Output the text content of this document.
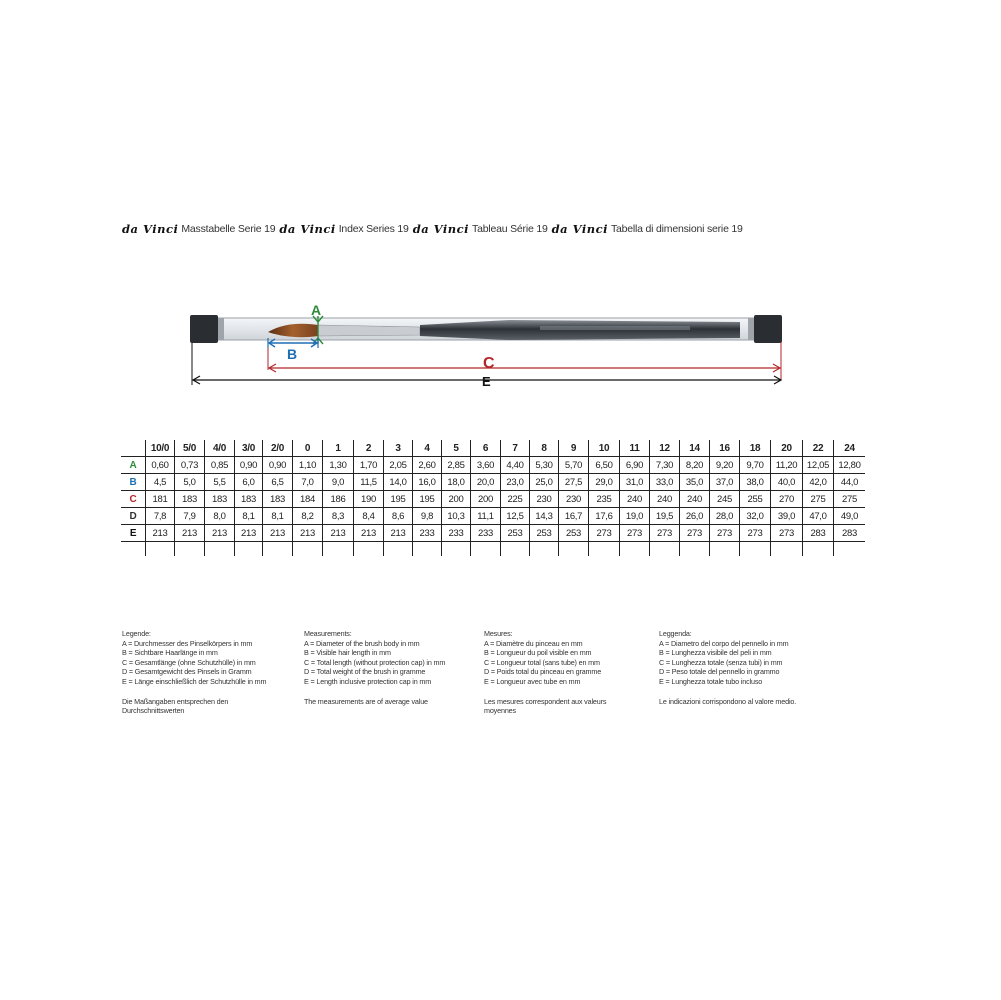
da Vinci Masstabelle Serie 19 da Vinci Index Series 19 da Vinci Tableau Série 19 da Vinci Tabella di dimensioni serie 19
A
B
C
E
	10/0	5/0	4/0	3/0	2/0	0	1	2	3	4	5	6	7	8	9	10	11	12	14	16	18	20	22	24
A	0,60	0,73	0,85	0,90	0,90	1,10	1,30	1,70	2,05	2,60	2,85	3,60	4,40	5,30	5,70	6,50	6,90	7,30	8,20	9,20	9,70	11,20	12,05	12,80
B	4,5	5,0	5,5	6,0	6,5	7,0	9,0	11,5	14,0	16,0	18,0	20,0	23,0	25,0	27,5	29,0	31,0	33,0	35,0	37,0	38,0	40,0	42,0	44,0
C	181	183	183	183	183	184	186	190	195	195	200	200	225	230	230	235	240	240	240	245	255	270	275	275
D	7,8	7,9	8,0	8,1	8,1	8,2	8,3	8,4	8,6	9,8	10,3	11,1	12,5	14,3	16,7	17,6	19,0	19,5	26,0	28,0	32,0	39,0	47,0	49,0
E	213	213	213	213	213	213	213	213	213	233	233	233	253	253	253	273	273	273	273	273	273	273	283	283

Legende:

A = Durchmesser des Pinselkörpers in mm

B = Sichtbare Haarlänge in mm

C = Gesamtlänge (ohne Schutzhülle) in mm

D = Gesamtgewicht des Pinsels in Gramm

E = Länge einschließlich der Schutzhülle in mm

Die Maßangaben entsprechen den

Durchschnittswerten

Measurements:

A = Diameter of the brush body in mm

B = Visible hair length in mm

C = Total length (without protection cap) in mm

D = Total weight of the brush in gramme

E = Length inclusive protection cap in mm

The measurements are of average value

Mesures:

A = Diamètre du pinceau en mm

B = Longueur du poil visible en mm

C = Longueur total (sans tube) en mm

D = Poids total du pinceau en gramme

E = Longueur avec tube en mm

Les mesures correspondent aux valeurs

moyennes

Leggenda:

A = Diametro del corpo del pennello in mm

B = Lunghezza visibile del peli in mm

C = Lunghezza totale (senza tubi) in mm

D = Peso totale del pennello in grammo

E = Lunghezza totale tubo incluso

Le indicazioni corrispondono al valore medio.
